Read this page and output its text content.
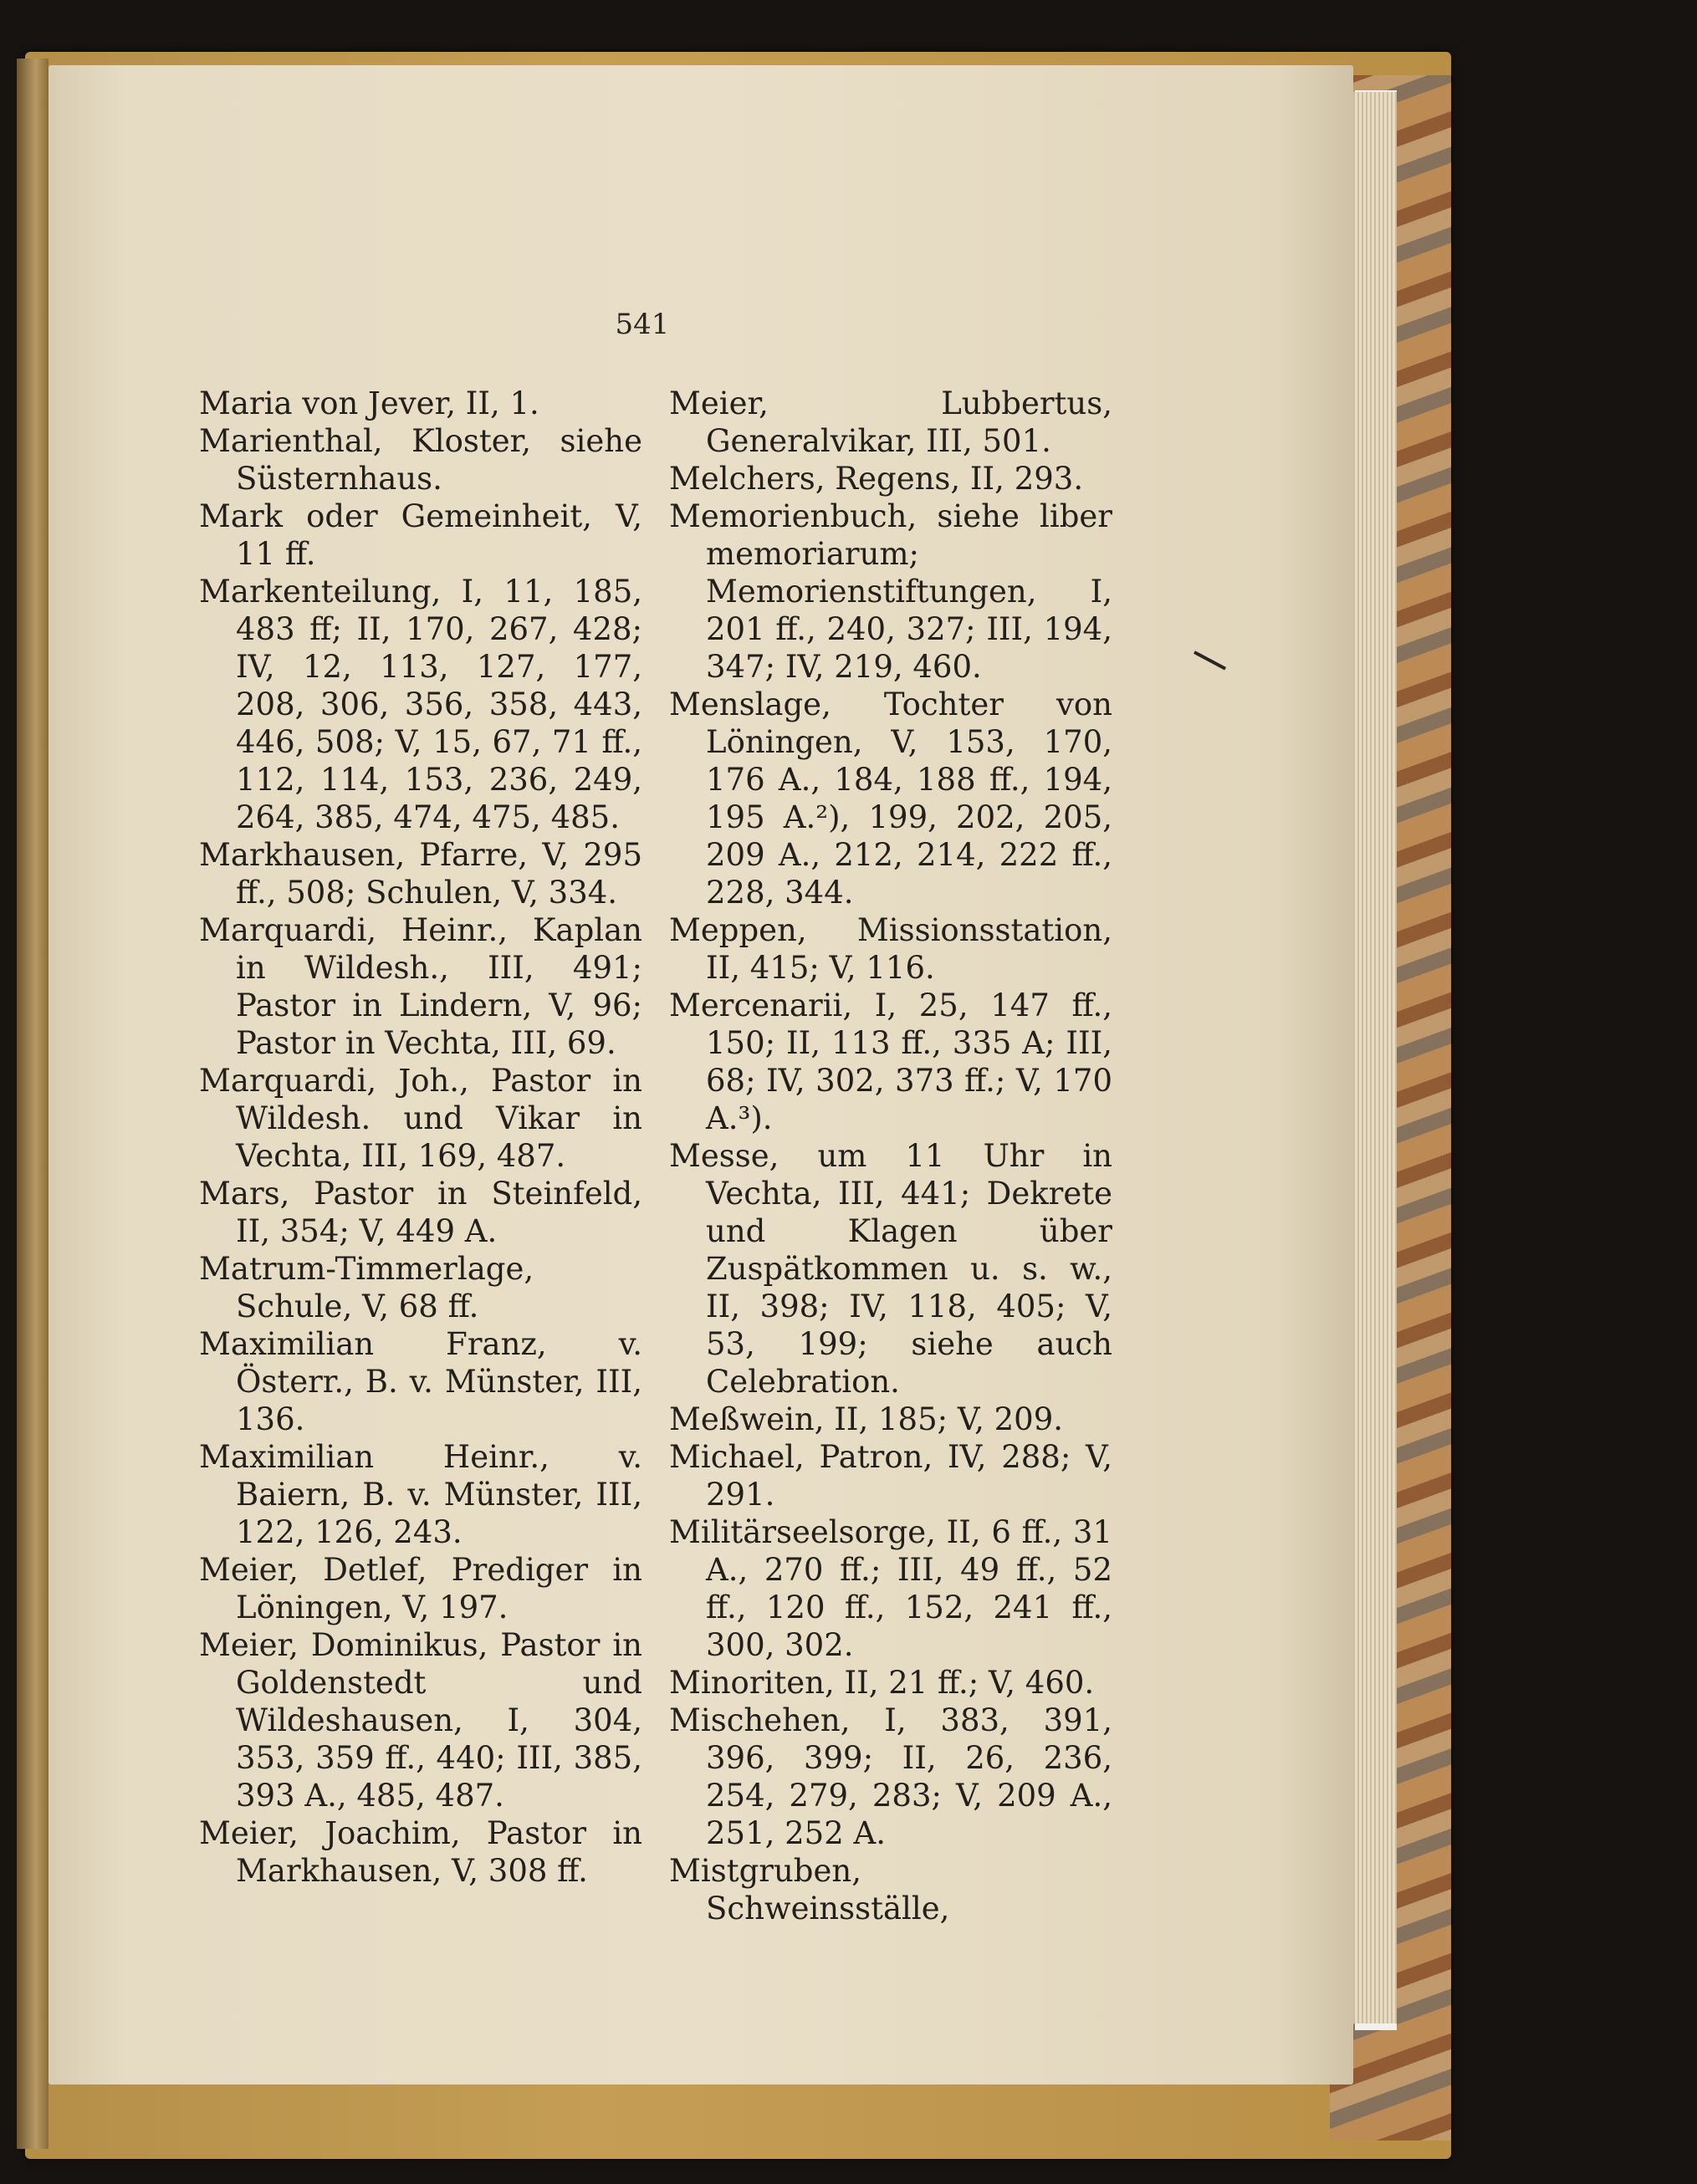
541

Maria von Jever, II, 1.

Marienthal, Kloster, siehe Süsternhaus.

Mark oder Gemeinheit, V, 11 ff.

Markenteilung, I, 11, 185, 483 ff; II, 170, 267, 428; IV, 12, 113, 127, 177, 208, 306, 356, 358, 443, 446, 508; V, 15, 67, 71 ff., 112, 114, 153, 236, 249, 264, 385, 474, 475, 485.

Markhausen, Pfarre, V, 295 ff., 508; Schulen, V, 334.

Marquardi, Heinr., Kaplan in Wildesh., III, 491; Pastor in Lindern, V, 96; Pastor in Vechta, III, 69.

Marquardi, Joh., Pastor in Wildesh. und Vikar in Vechta, III, 169, 487.

Mars, Pastor in Steinfeld, II, 354; V, 449 A.

Matrum-Timmerlage, Schule, V, 68 ff.

Maximilian Franz, v. Österr., B. v. Münster, III, 136.

Maximilian Heinr., v. Baiern, B. v. Münster, III, 122, 126, 243.

Meier, Detlef, Prediger in Löningen, V, 197.

Meier, Dominikus, Pastor in Goldenstedt und Wildeshausen, I, 304, 353, 359 ff., 440; III, 385, 393 A., 485, 487.

Meier, Joachim, Pastor in Markhausen, V, 308 ff.

Meier, Lubbertus, Generalvikar, III, 501.

Melchers, Regens, II, 293.

Memorienbuch, siehe liber memoriarum; Memorienstiftungen, I, 201 ff., 240, 327; III, 194, 347; IV, 219, 460.

Menslage, Tochter von Löningen, V, 153, 170, 176 A., 184, 188 ff., 194, 195 A.²), 199, 202, 205, 209 A., 212, 214, 222 ff., 228, 344.

Meppen, Missionsstation, II, 415; V, 116.

Mercenarii, I, 25, 147 ff., 150; II, 113 ff., 335 A; III, 68; IV, 302, 373 ff.; V, 170 A.³).

Messe, um 11 Uhr in Vechta, III, 441; Dekrete und Klagen über Zuspätkommen u. s. w., II, 398; IV, 118, 405; V, 53, 199; siehe auch Celebration.

Meßwein, II, 185; V, 209.

Michael, Patron, IV, 288; V, 291.

Militärseelsorge, II, 6 ff., 31 A., 270 ff.; III, 49 ff., 52 ff., 120 ff., 152, 241 ff., 300, 302.

Minoriten, II, 21 ff.; V, 460.

Mischehen, I, 383, 391, 396, 399; II, 26, 236, 254, 279, 283; V, 209 A., 251, 252 A.

Mistgruben, Schweinsställe,
